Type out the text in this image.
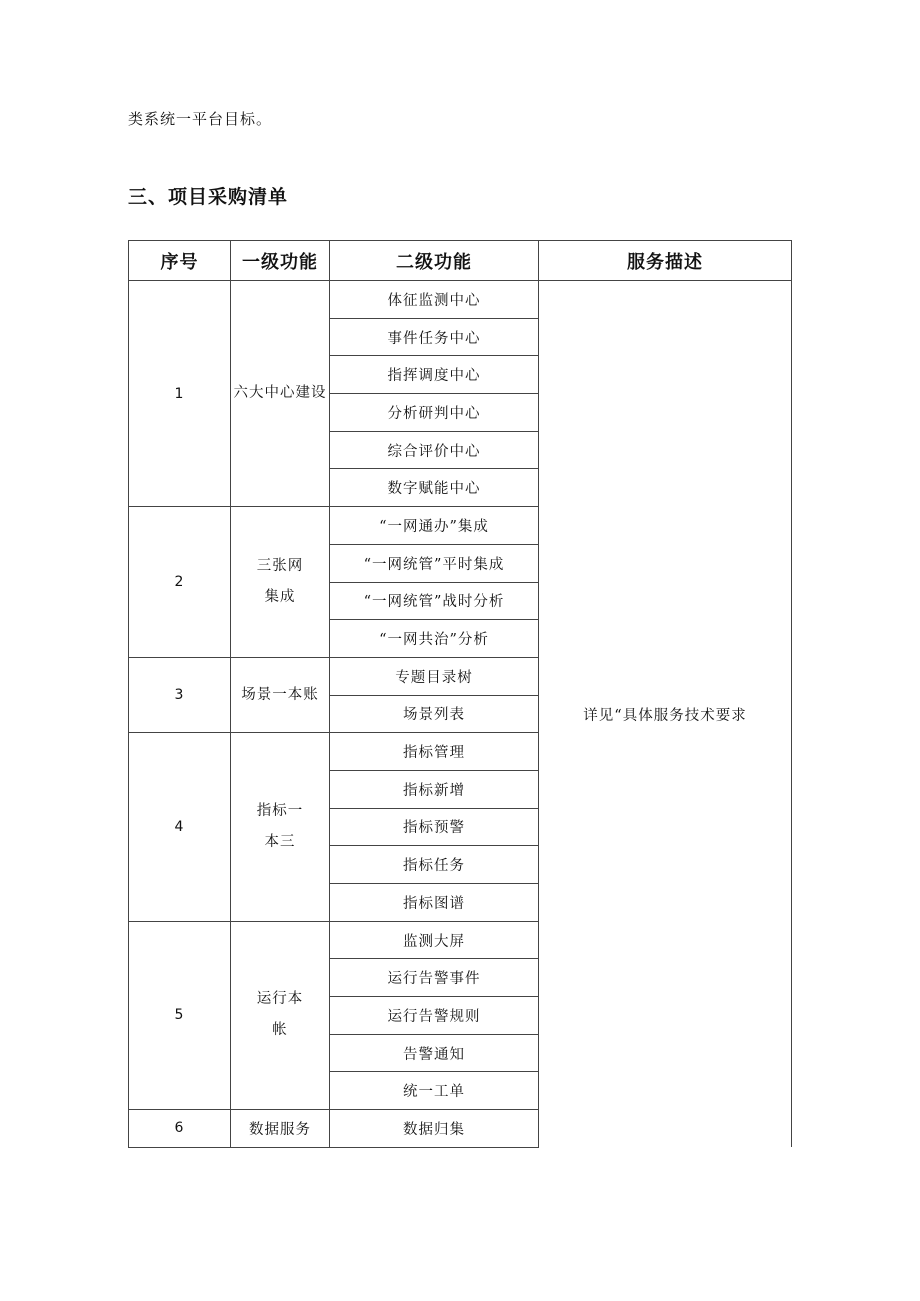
类系统一平台目标。
三、项目采购清单
序号	一级功能	二级功能	服务描述
1	六大中心建设	体征监测中心	详见“具体服务技术要求
		事件任务中心	
		指挥调度中心	
		分析研判中心	
		综合评价中心	
		数字赋能中心	
2	三张网集成	“一网通办”集成	
		“一网统管”平时集成	
		“一网统管”战时分析	
		“一网共治”分析	
3	场景一本账	专题目录树	
		场景列表	
4	指标一本三	指标管理	
		指标新增	
		指标预警	
		指标任务	
		指标图谱	
5	运行本帐	监测大屏	
		运行告警事件	
		运行告警规则	
		告警通知	
		统一工单	
6	数据服务	数据归集	
